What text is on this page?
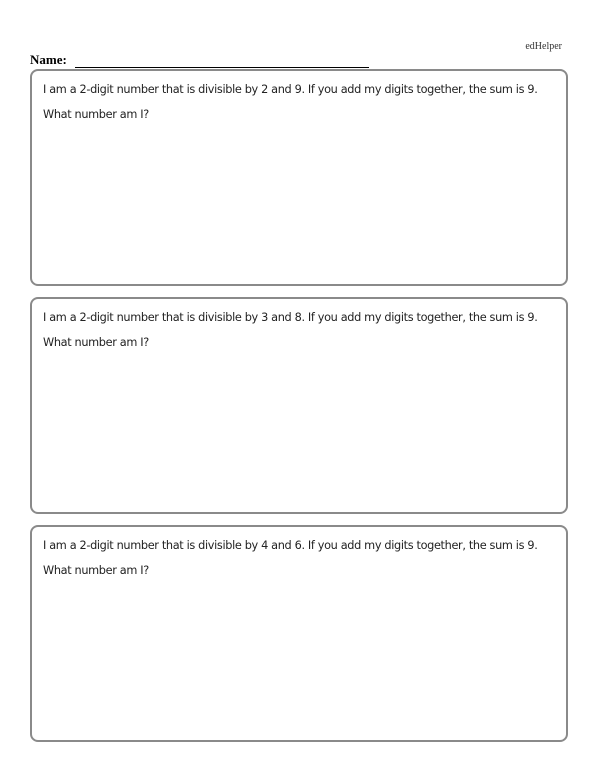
edHelper
Name:

I am a 2-digit number that is divisible by 2 and 9. If you add my digits together, the sum is 9. What number am I?

I am a 2-digit number that is divisible by 3 and 8. If you add my digits together, the sum is 9. What number am I?

I am a 2-digit number that is divisible by 4 and 6. If you add my digits together, the sum is 9. What number am I?
